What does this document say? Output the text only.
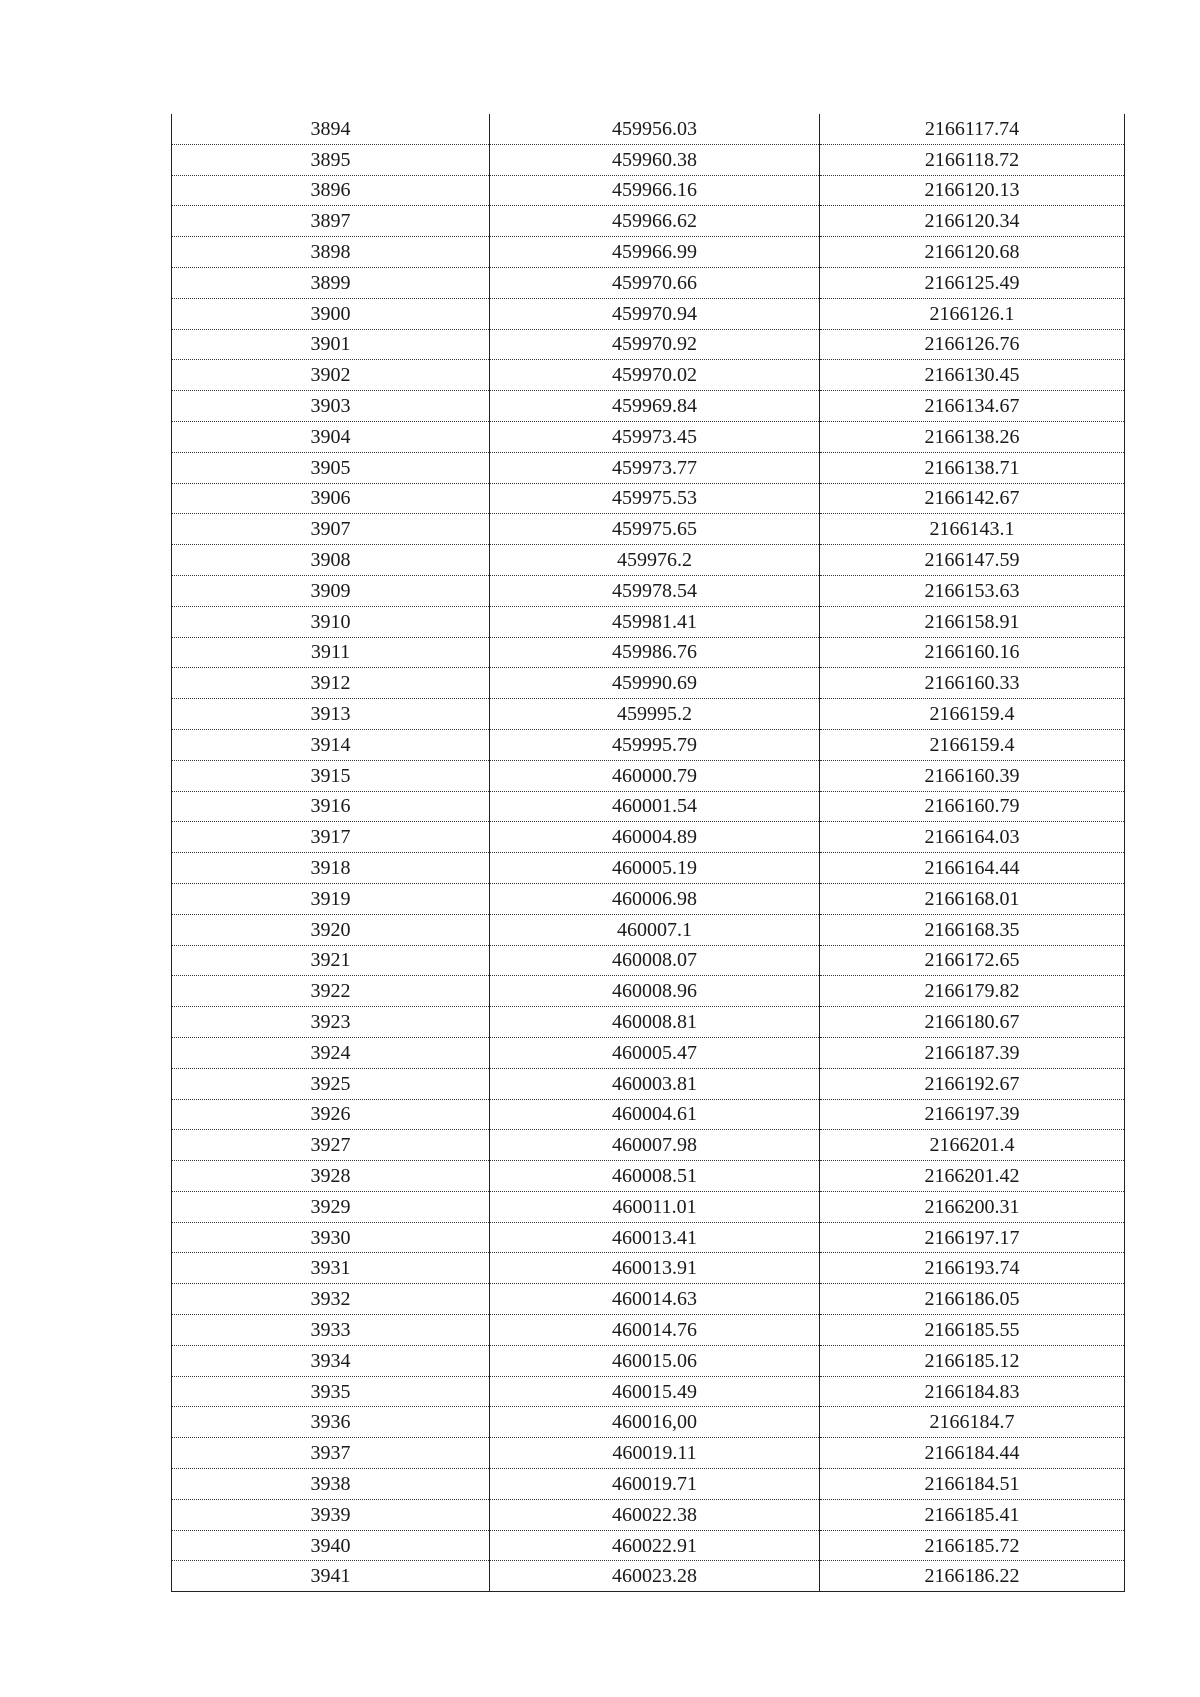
3894	459956.03	2166117.74
3895	459960.38	2166118.72
3896	459966.16	2166120.13
3897	459966.62	2166120.34
3898	459966.99	2166120.68
3899	459970.66	2166125.49
3900	459970.94	2166126.1
3901	459970.92	2166126.76
3902	459970.02	2166130.45
3903	459969.84	2166134.67
3904	459973.45	2166138.26
3905	459973.77	2166138.71
3906	459975.53	2166142.67
3907	459975.65	2166143.1
3908	459976.2	2166147.59
3909	459978.54	2166153.63
3910	459981.41	2166158.91
3911	459986.76	2166160.16
3912	459990.69	2166160.33
3913	459995.2	2166159.4
3914	459995.79	2166159.4
3915	460000.79	2166160.39
3916	460001.54	2166160.79
3917	460004.89	2166164.03
3918	460005.19	2166164.44
3919	460006.98	2166168.01
3920	460007.1	2166168.35
3921	460008.07	2166172.65
3922	460008.96	2166179.82
3923	460008.81	2166180.67
3924	460005.47	2166187.39
3925	460003.81	2166192.67
3926	460004.61	2166197.39
3927	460007.98	2166201.4
3928	460008.51	2166201.42
3929	460011.01	2166200.31
3930	460013.41	2166197.17
3931	460013.91	2166193.74
3932	460014.63	2166186.05
3933	460014.76	2166185.55
3934	460015.06	2166185.12
3935	460015.49	2166184.83
3936	460016,00	2166184.7
3937	460019.11	2166184.44
3938	460019.71	2166184.51
3939	460022.38	2166185.41
3940	460022.91	2166185.72
3941	460023.28	2166186.22
